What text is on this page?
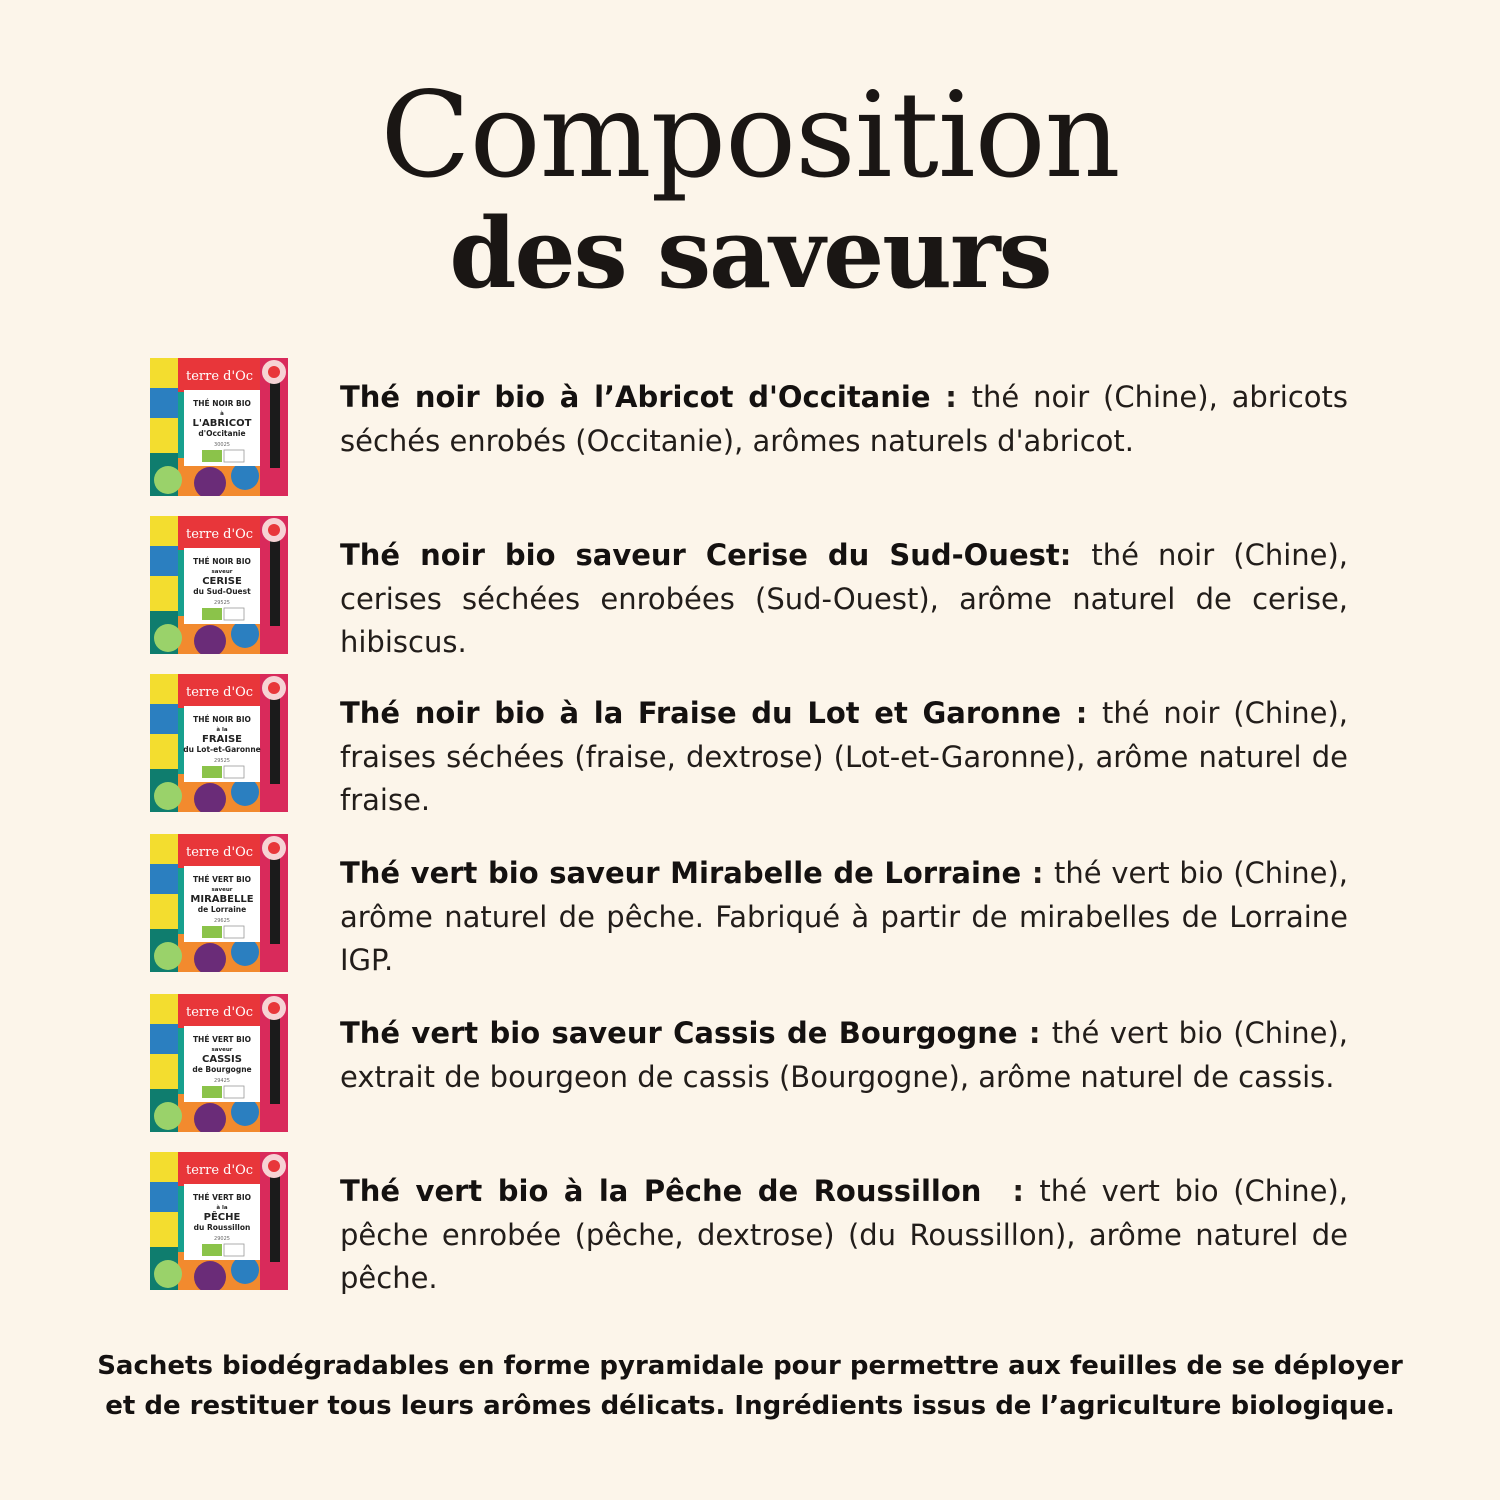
Composition
des saveurs
terre d'Oc
THÉ NOIR BIO
à
L'ABRICOT
d'Occitanie
30025
Thé noir bio à l’Abricot d'Occitanie : thé noir (Chine), abricots séchés enrobés (Occitanie), arômes naturels d'abricot.
terre d'Oc
THÉ NOIR BIO
saveur
CERISE
du Sud-Ouest
29525
Thé noir bio saveur Cerise du Sud-Ouest: thé noir (Chine), cerises séchées enrobées (Sud-Ouest), arôme naturel de cerise, hibiscus.
terre d'Oc
THÉ NOIR BIO
à la
FRAISE
du Lot-et-Garonne
29525
Thé noir bio à la Fraise du Lot et Garonne : thé noir (Chine), fraises séchées (fraise, dextrose) (Lot-et-Garonne), arôme naturel de fraise.
terre d'Oc
THÉ VERT BIO
saveur
MIRABELLE
de Lorraine
29625
Thé vert bio saveur Mirabelle de Lorraine : thé vert bio (Chine), arôme naturel de pêche. Fabriqué à partir de mirabelles de Lorraine IGP.
terre d'Oc
THÉ VERT BIO
saveur
CASSIS
de Bourgogne
29425
Thé vert bio saveur Cassis de Bourgogne : thé vert bio (Chine), extrait de bourgeon de cassis (Bourgogne), arôme naturel de cassis.
terre d'Oc
THÉ VERT BIO
à la
PÊCHE
du Roussillon
29025
Thé vert bio à la Pêche de Roussillon  : thé vert bio (Chine), pêche enrobée (pêche, dextrose) (du Roussillon), arôme naturel de pêche.
Sachets biodégradables en forme pyramidale pour permettre aux feuilles de se déployer
et de restituer tous leurs arômes délicats. Ingrédients issus de l’agriculture biologique.
